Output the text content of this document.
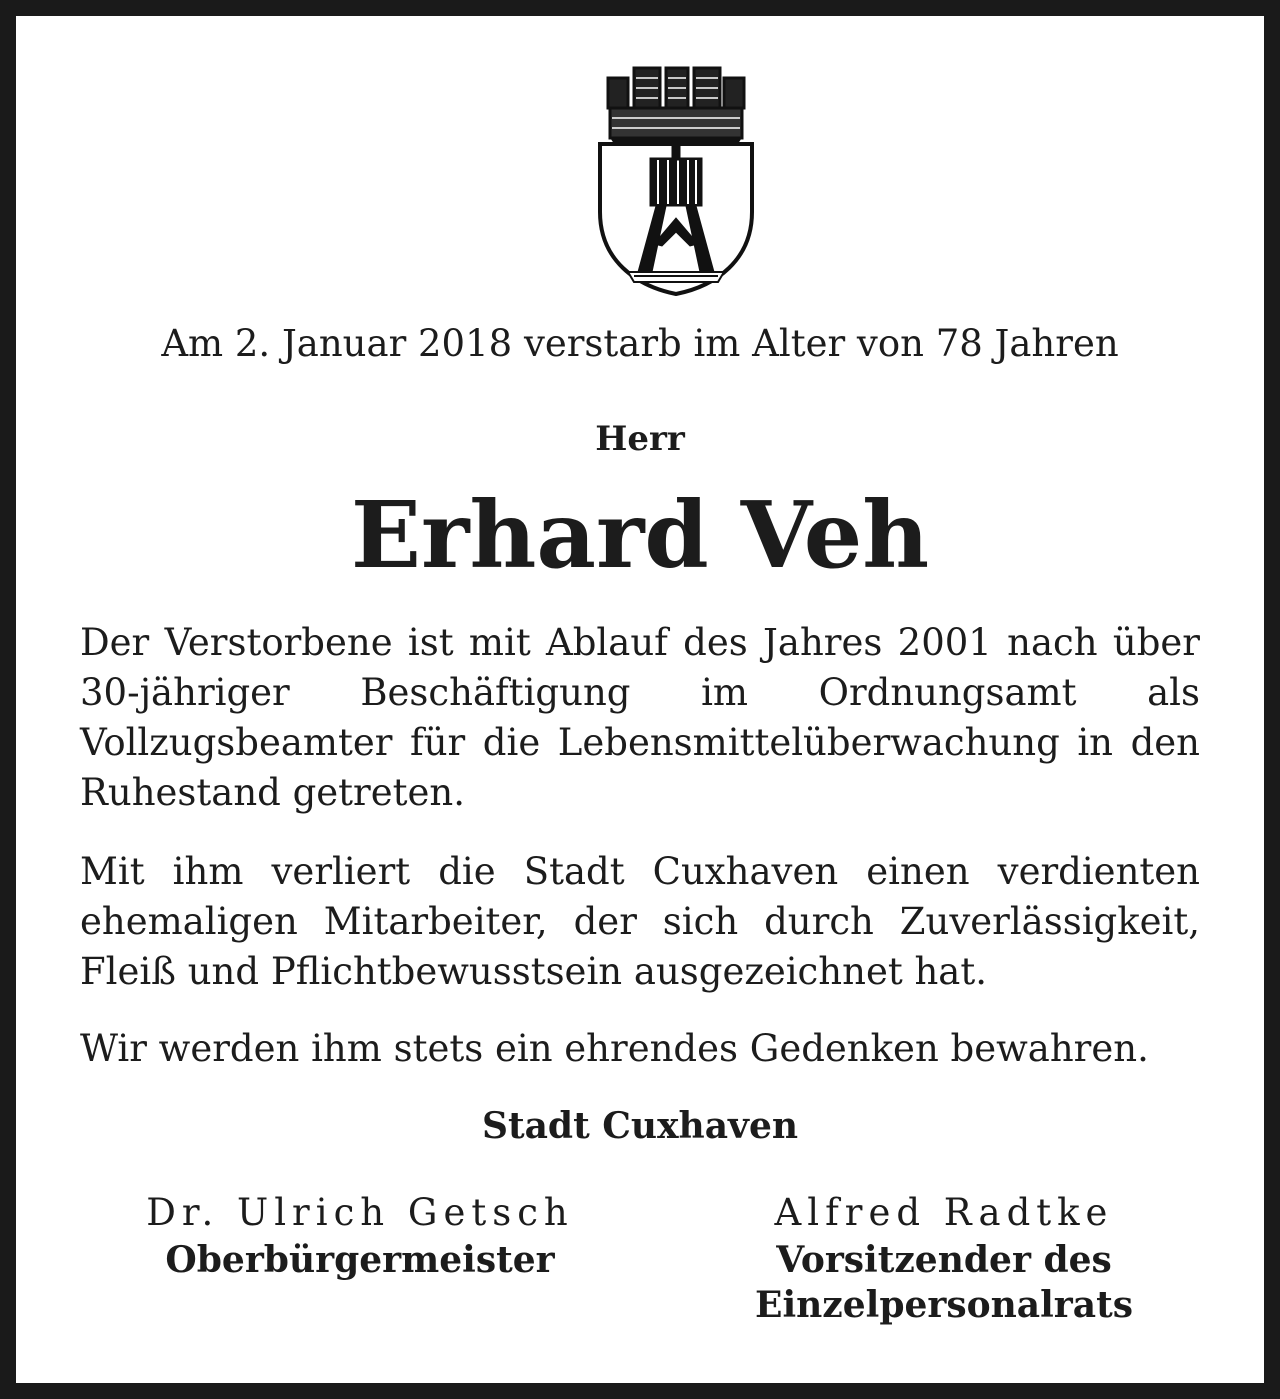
Am 2. Januar 2018 verstarb im Alter von 78 Jahren

Herr

Erhard Veh

Der Verstorbene ist mit Ablauf des Jahres 2001 nach über 30-jähriger Beschäftigung im Ordnungsamt als Vollzugsbeamter für die Lebensmittelüberwachung in den Ruhestand getreten.

Mit ihm verliert die Stadt Cuxhaven einen verdienten ehemaligen Mitarbeiter, der sich durch Zuverlässigkeit, Fleiß und Pflichtbewusstsein ausgezeichnet hat.

Wir werden ihm stets ein ehrendes Gedenken bewahren.

Stadt Cuxhaven

Dr. Ulrich Getsch

Oberbürgermeister

Alfred Radtke

Vorsitzender des Einzelpersonalrats
